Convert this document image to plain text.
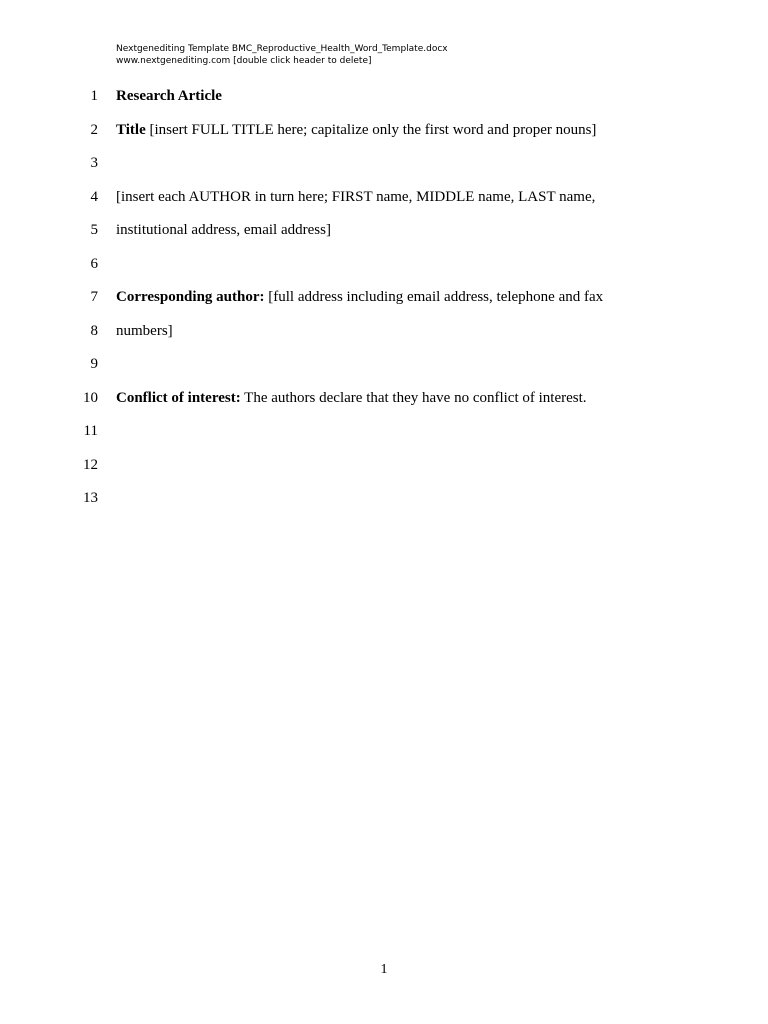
Nextgenediting Template BMC_Reproductive_Health_Word_Template.docx
www.nextgenediting.com [double click header to delete]
1 Research Article
2 Title [insert FULL TITLE here; capitalize only the first word and proper nouns]
3
4 [insert each AUTHOR in turn here; FIRST name, MIDDLE name, LAST name,
5 institutional address, email address]
6
7 Corresponding author: [full address including email address, telephone and fax
8 numbers]
9
10 Conflict of interest: The authors declare that they have no conflict of interest.
11
12
13
1
